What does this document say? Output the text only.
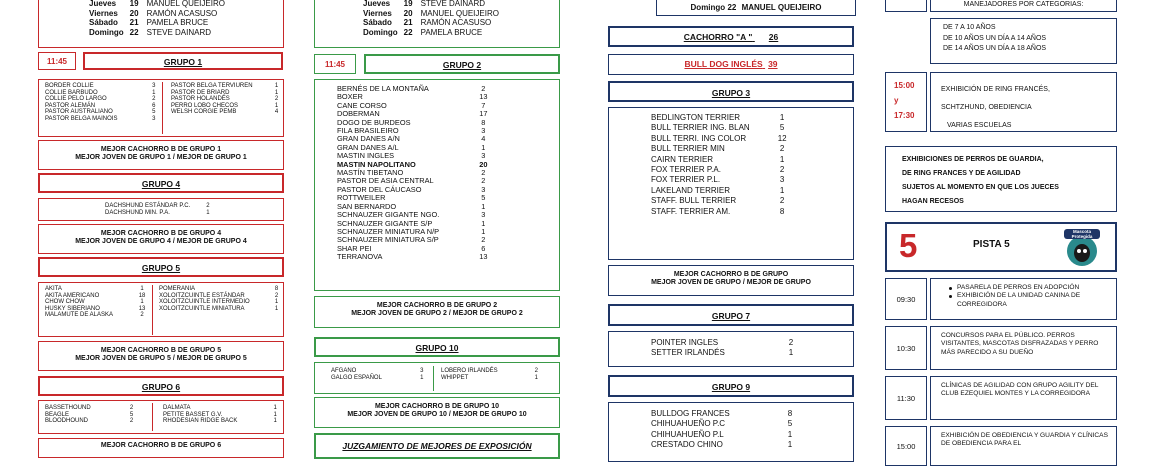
Jueves	19	MANUEL QUEIJEIRO
Viernes	20	RAMÓN ACASUSO
Sábado	21	PAMELA BRUCE
Domingo	22	STEVE DAINARD
11:45	GRUPO 1
BORDER COLLIE	3
COLLIE BARBUDO	1
COLLIE PELO LARGO	2
PASTOR ALEMÁN	6
PASTOR AUSTRALIANO	5
PASTOR BELGA MAINOIS	3
PASTOR BELGA TERVIUREN	1
PASTOR DE BRIARD	1
PASTOR HOLANDÉS	2
PERRO LOBO CHECOS	1
WELSH CORGIE PEMB	4
MEJOR CACHORRO B DE GRUPO 1
MEJOR JOVEN DE GRUPO 1 / MEJOR DE GRUPO 1
GRUPO 4
DACHSHUND ESTÁNDAR P.C.	2
DACHSHUND MIN. P.A.	1
MEJOR CACHORRO B DE GRUPO 4
MEJOR JOVEN DE GRUPO 4 / MEJOR DE GRUPO 4
GRUPO 5
AKITA	1
AKITA AMERICANO	18
CHOW CHOW	1
HUSKY SIBERIANO	13
MALAMUTE DE ALASKA	2
POMERANIA	8
XOLOITZCUINTLE ESTÁNDAR	2
XOLOITZCUINTLE INTERMEDIO	1
XOLOITZCUINTLE MINIATURA	1
MEJOR CACHORRO B DE GRUPO 5
MEJOR JOVEN DE GRUPO 5 / MEJOR DE GRUPO 5
GRUPO 6
BASSETHOUND	2
BEAGLE	5
BLOODHOUND	2
DALMATA	1
PETITE BASSET G.V.	1
RHODESIAN RIDGE BACK	1
MEJOR CACHORRO B DE GRUPO 6
Jueves	19	STEVE DAINARD
Viernes	20	MANUEL QUEIJEIRO
Sábado	21	RAMÓN ACASUSO
Domingo	22	PAMELA BRUCE
11:45	GRUPO 2
BERNÉS DE LA MONTAÑA	2
BOXER	13
CANE CORSO	7
DOBERMAN	17
DOGO DE BURDEOS	8
FILA BRASILEIRO	3
GRAN DANES A/N	4
GRAN DANES A/L	1
MASTIN INGLES	3
MASTIN NAPOLITANO	20
MASTÍN TIBETANO	2
PASTOR DE ASIA CENTRAL	2
PASTOR DEL CÁUCASO	3
ROTTWEILER	5
SAN BERNARDO	1
SCHNAUZER GIGANTE NGO.	3
SCHNAUZER GIGANTE S/P	1
SCHNAUZER MINIATURA N/P	1
SCHNAUZER MINIATURA S/P	2
SHAR PEI	6
TERRANOVA	13
MEJOR CACHORRO B DE GRUPO 2
MEJOR JOVEN DE GRUPO 2 / MEJOR DE GRUPO 2
GRUPO 10
AFGANO	3
GALGO ESPAÑOL	1
LOBERO IRLANDÉS	2
WHIPPET	1
MEJOR CACHORRO B DE GRUPO 10
MEJOR JOVEN DE GRUPO 10 / MEJOR DE GRUPO 10
JUZGAMIENTO DE MEJORES DE EXPOSICIÓN
Domingo 22 MANUEL QUEIJEIRO
CACHORRO "A " 26
BULL DOG INGLÉS 39
GRUPO 3
BEDLINGTON TERRIER	1
BULL TERRIER ING. BLAN	5
BULL TERRI. ING COLOR	12
BULL TERRIER MIN	2
CAIRN TERRIER	1
FOX TERRIER P.A.	2
FOX TERRIER P.L.	3
LAKELAND TERRIER	1
STAFF. BULL TERRIER	2
STAFF. TERRIER AM.	8
MEJOR CACHORRO B DE GRUPO
MEJOR JOVEN DE GRUPO / MEJOR DE GRUPO
GRUPO 7
POINTER INGLES	2
SETTER IRLANDÉS	1
GRUPO 9
BULLDOG FRANCES	8
CHIHUAHUEÑO P.C	5
CHIHUAHUEÑO P.L	1
CRESTADO CHINO	1
MANEJADORES POR CATEGORIAS:
DE 7 A 10 AÑOS
DE 10 AÑOS UN DÍA A 14 AÑOS
DE 14 AÑOS UN DÍA A 18 AÑOS
15:00
y
17:30
EXHIBICIÓN DE RING FRANCÉS,
SCHTZHUND, OBEDIENCIA
VARIAS ESCUELAS
EXHIBICIONES DE PERROS DE GUARDIA,
DE RING FRANCES Y DE AGILIDAD
SUJETOS AL MOMENTO EN QUE LOS JUECES
HAGAN RECESOS
5	PISTA 5
Mascota Protegida
09:30
PASARELA DE PERROS EN ADOPCIÓN
EXHIBICIÓN DE LA UNIDAD CANINA DE CORREGIDORA
10:30
CONCURSOS PARA EL PÚBLICO. PERROS VISITANTES, MASCOTAS DISFRAZADAS Y PERRO MÁS PARECIDO A SU DUEÑO
11:30
CLÍNICAS DE AGILIDAD CON GRUPO AGILITY DEL CLUB EZEQUIEL MONTES Y LA CORREGIDORA
15:00
EXHIBICIÓN DE OBEDIENCIA Y GUARDIA Y CLÍNICAS DE OBEDIENCIA PARA EL
